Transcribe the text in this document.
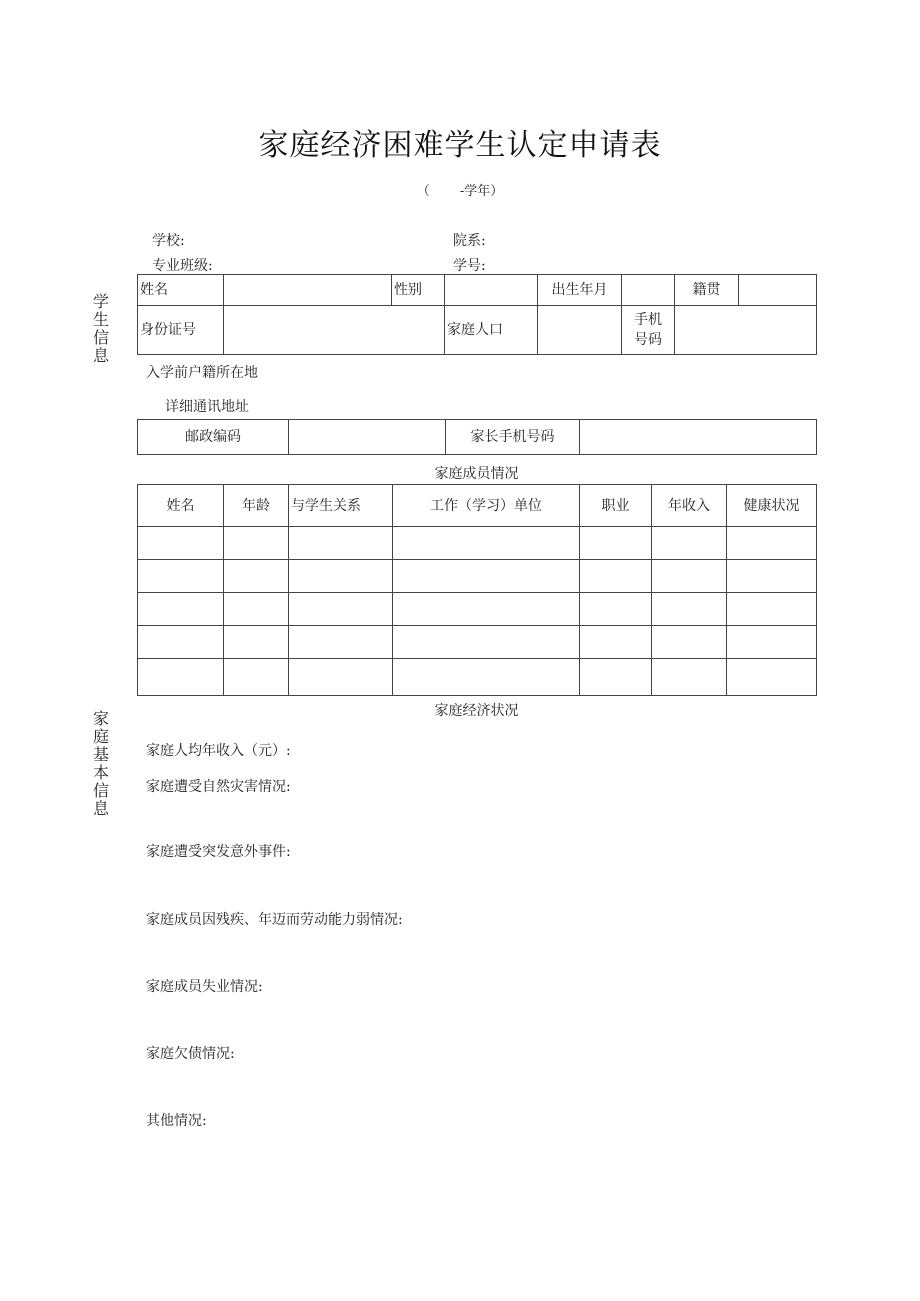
家庭经济困难学生认定申请表
（　　 -学年）
学校:	院系:
专业班级:	学号:
学生信息
家庭基本信息
姓名		性别		出生年月		籍贯	
身份证号			家庭人口		手机号码		
入学前户籍所在地
详细通讯地址
邮政编码		家长手机号码	
家庭成员情况
姓名	年龄	与学生关系	工作（学习）单位	职业	年收入	健康状况

家庭经济状况
家庭人均年收入（元）:
家庭遭受自然灾害情况:
家庭遭受突发意外事件:
家庭成员因残疾、年迈而劳动能力弱情况:
家庭成员失业情况:
家庭欠债情况:
其他情况:
